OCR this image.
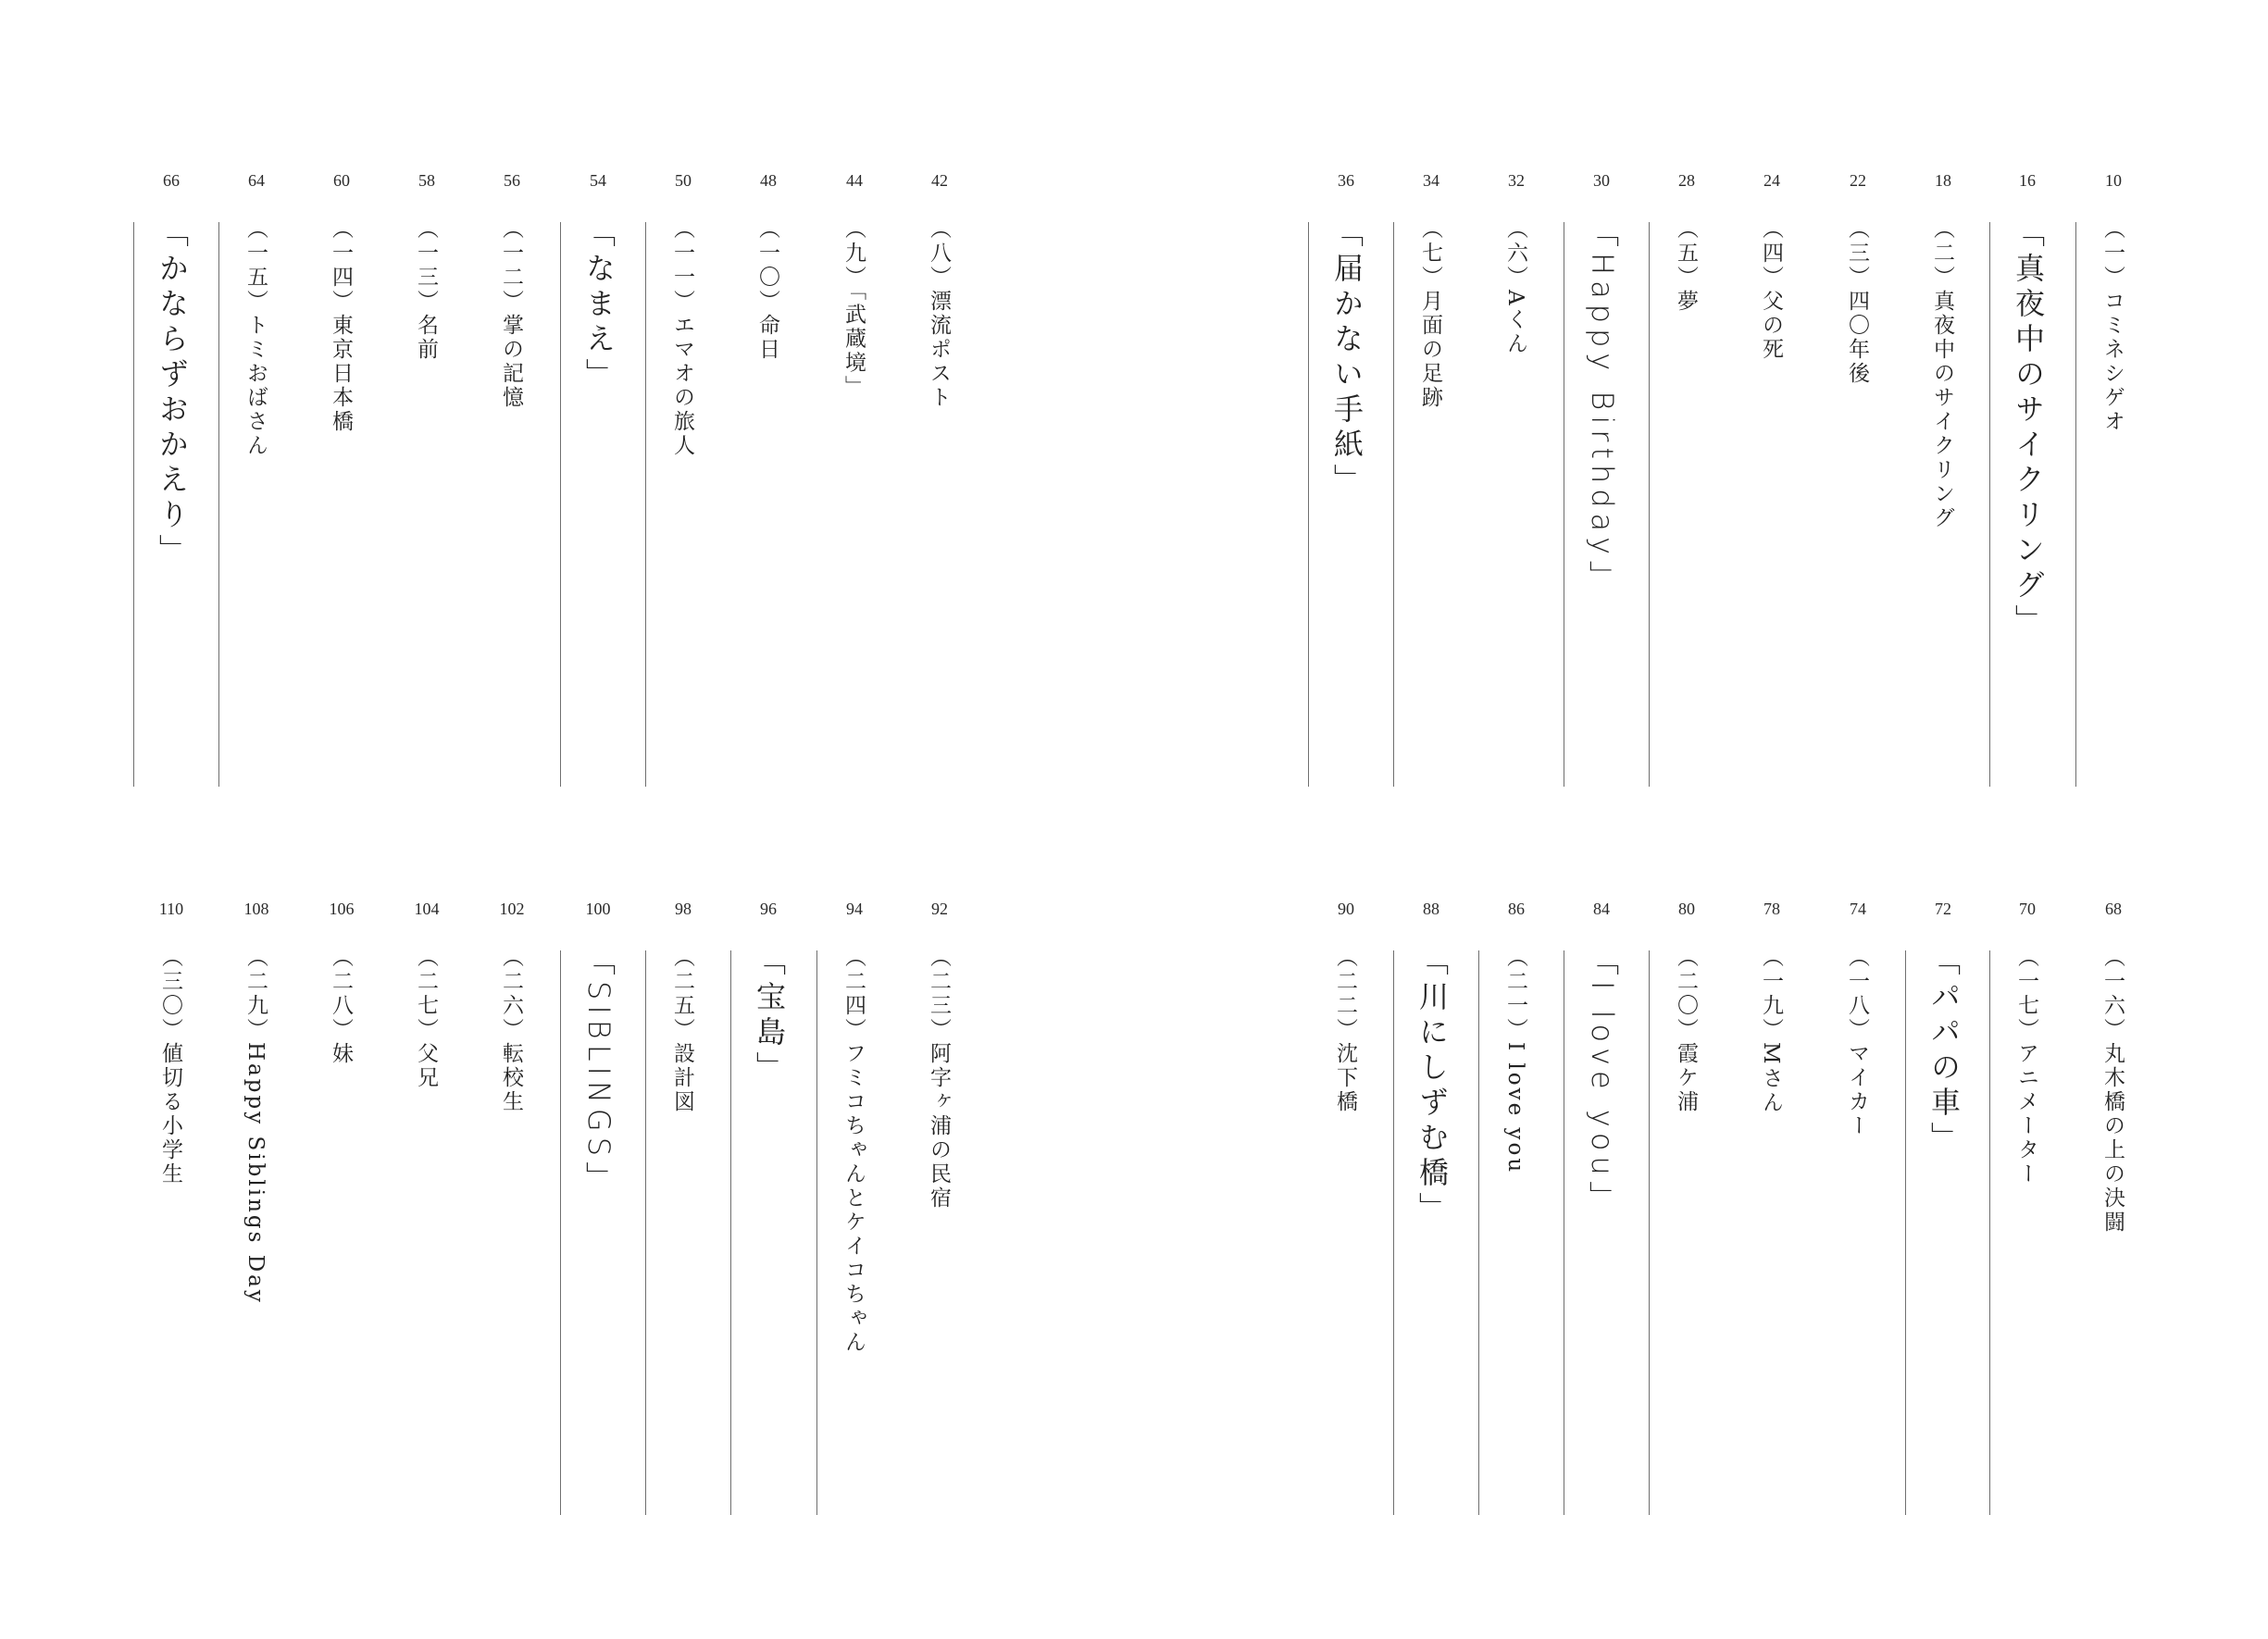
10
（一）コミネシゲオ
16
「真夜中のサイクリング」
18
（二）真夜中のサイクリング
22
（三）四〇年後
24
（四）父の死
28
（五）夢
30
「Happy Birthday」
32
（六）Aくん
34
（七）月面の足跡
36
「届かない手紙」
42
（八）漂流ポスト
44
（九）「武蔵境」
48
（一〇）命日
50
（一一）エマオの旅人
54
「なまえ」
56
（一二）掌の記憶
58
（一三）名前
60
（一四）東京日本橋
64
（一五）トミおばさん
66
「かならずおかえり」
68
（一六）丸木橋の上の決闘
70
（一七）アニメーター
72
「パパの車」
74
（一八）マイカー
78
（一九）Mさん
80
（二〇）霞ケ浦
84
「I love you」
86
（二一）I love you
88
「川にしずむ橋」
90
（二二）沈下橋
92
（二三）阿字ヶ浦の民宿
94
（二四）フミコちゃんとケイコちゃん
96
「宝島」
98
（二五）設計図
100
「SIBLINGS」
102
（二六）転校生
104
（二七）父兄
106
（二八）妹
108
（二九）Happy Siblings Day
110
（三〇）値切る小学生
